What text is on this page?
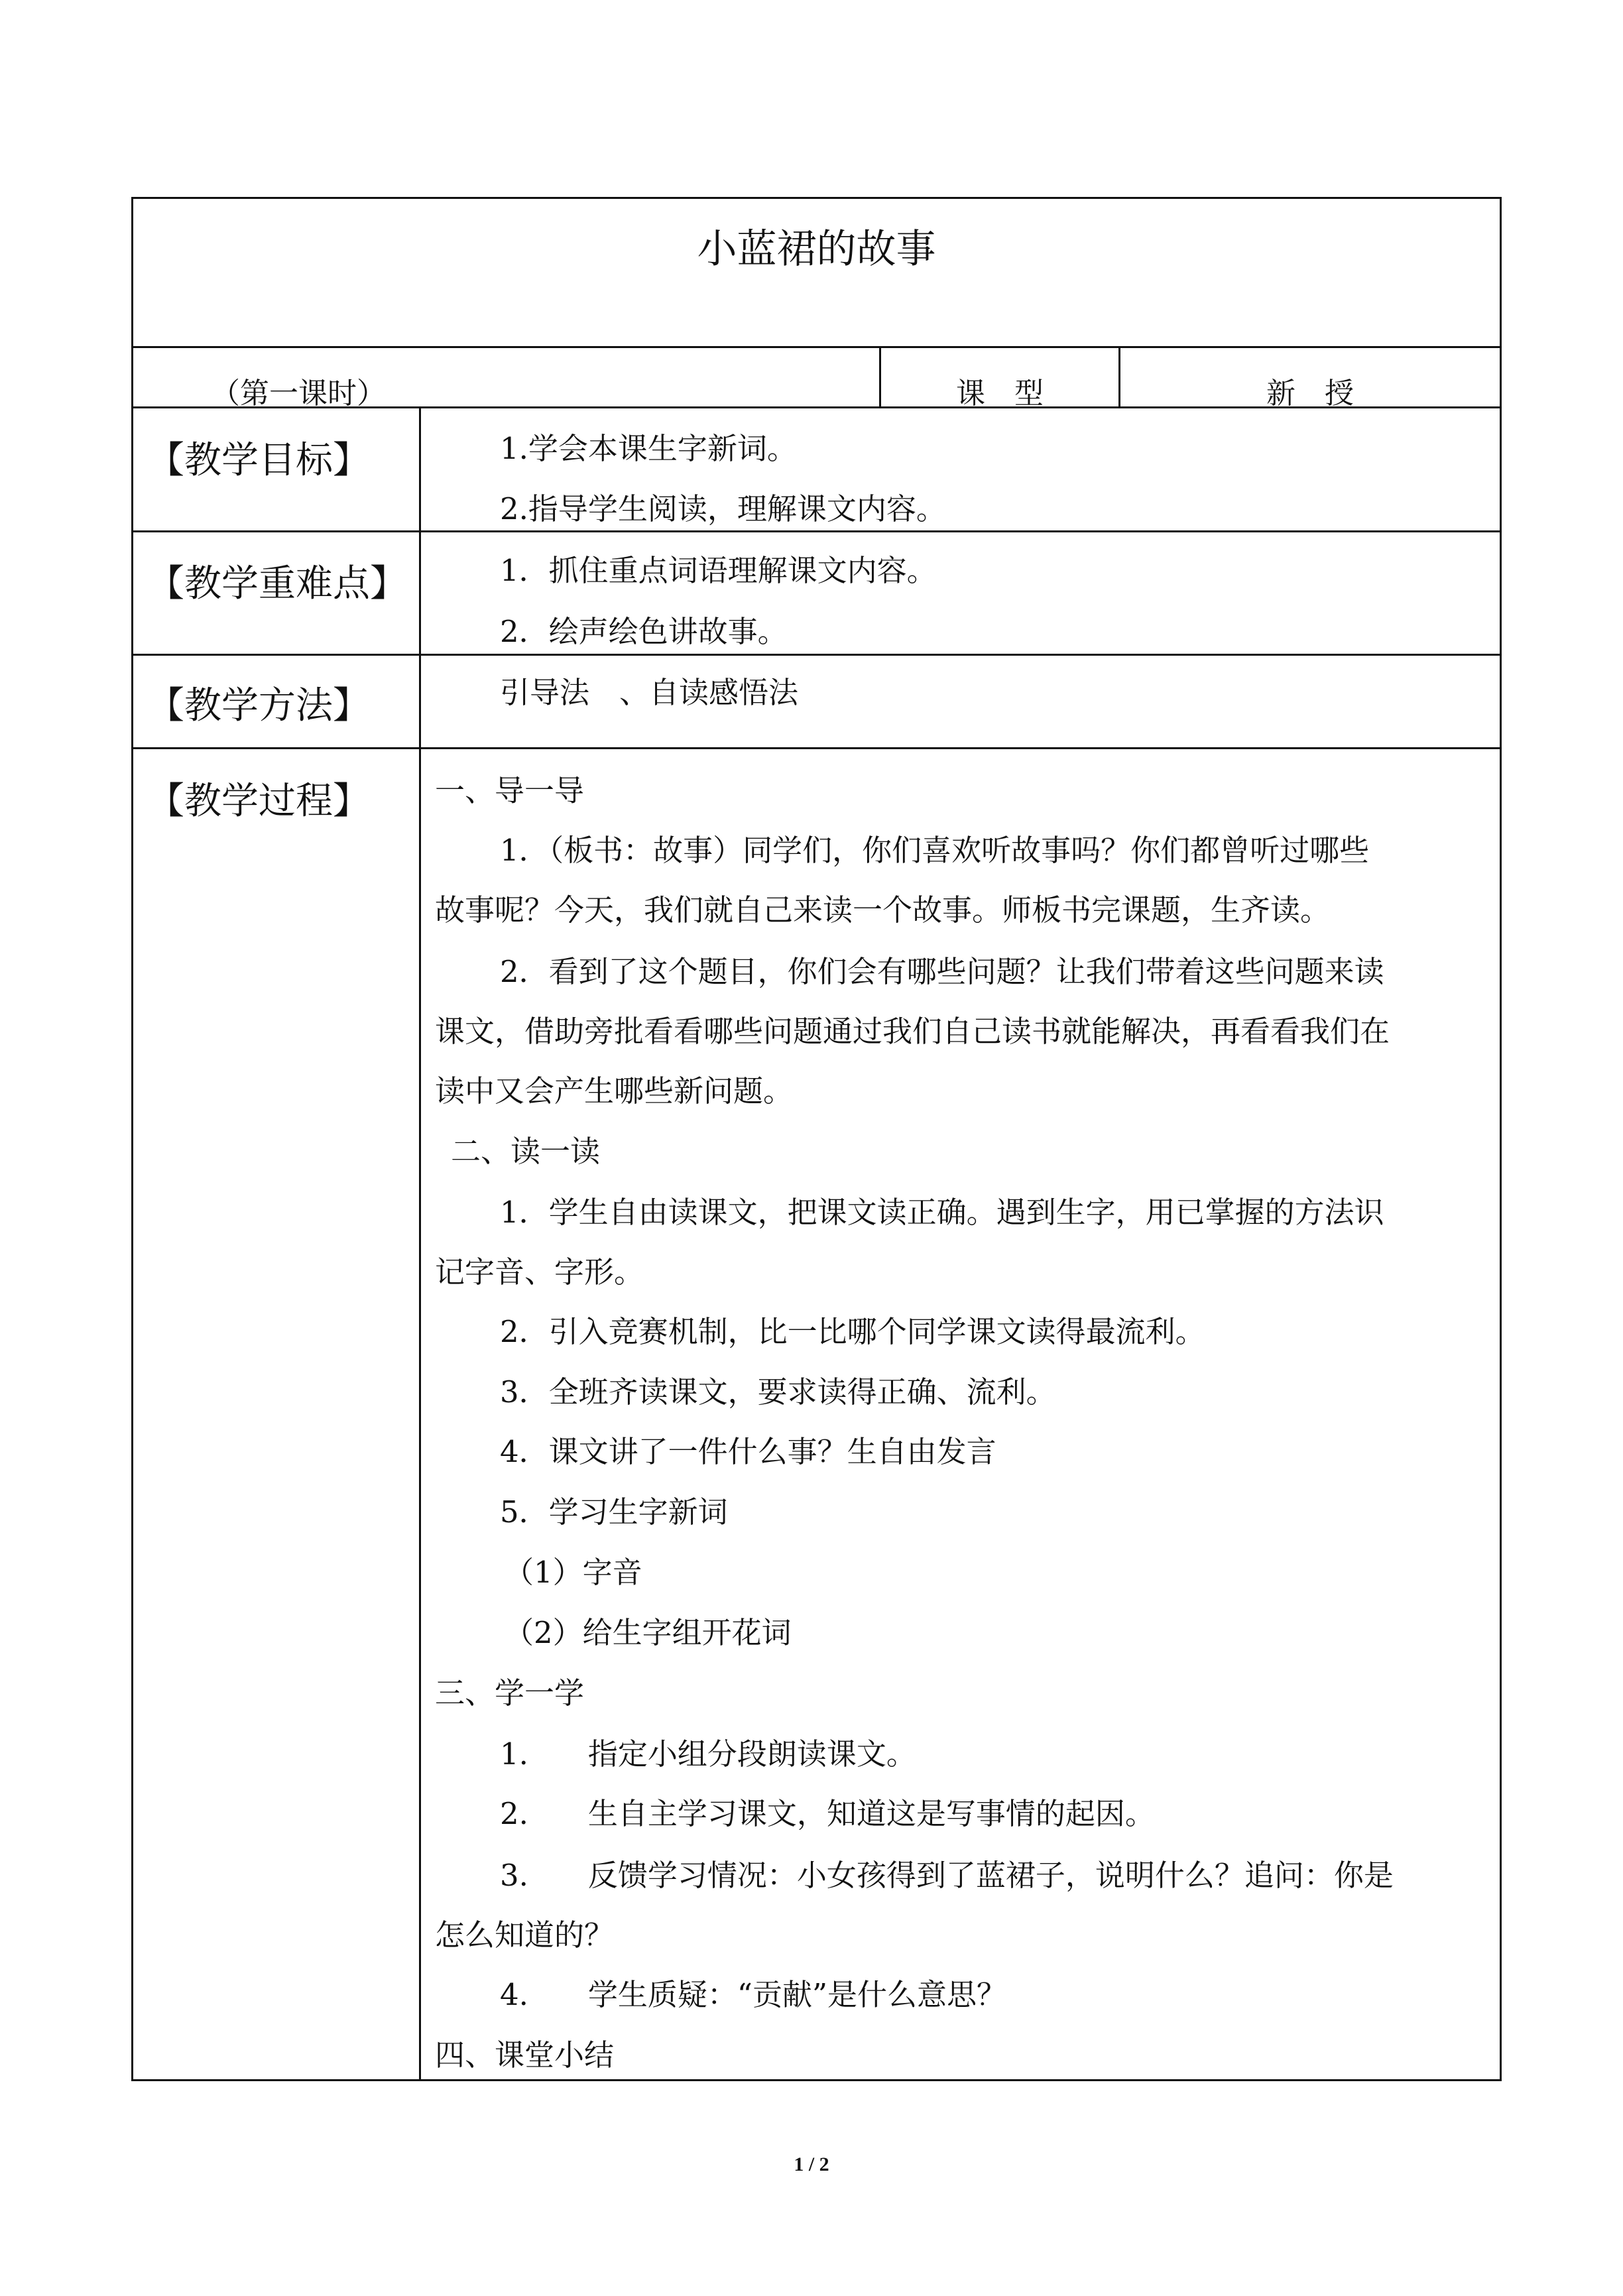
小蓝裙的故事
（第一课时）	课　型	新　授
【教学目标】
【教学重难点】
【教学方法】
【教学过程】
1.学会本课生字新词。
2.指导学生阅读，理解课文内容。
1．抓住重点词语理解课文内容。
2．绘声绘色讲故事。
引导法　、自读感悟法
一、导一导
1．（板书：故事）同学们，你们喜欢听故事吗？你们都曾听过哪些
故事呢？今天，我们就自己来读一个故事。师板书完课题，生齐读。
2．看到了这个题目，你们会有哪些问题？让我们带着这些问题来读
课文，借助旁批看看哪些问题通过我们自己读书就能解决，再看看我们在
读中又会产生哪些新问题。
二、读一读
1．学生自由读课文，把课文读正确。遇到生字，用已掌握的方法识
记字音、字形。
2．引入竞赛机制，比一比哪个同学课文读得最流利。
3．全班齐读课文，要求读得正确、流利。
4．课文讲了一件什么事？生自由发言
5．学习生字新词
（1）字音
（2）给生字组开花词
三、学一学
1.　　指定小组分段朗读课文。
2.　　生自主学习课文，知道这是写事情的起因。
3.　　反馈学习情况：小女孩得到了蓝裙子，说明什么？追问：你是
怎么知道的？
4.　　学生质疑：“贡献”是什么意思？
四、课堂小结
1 / 2
